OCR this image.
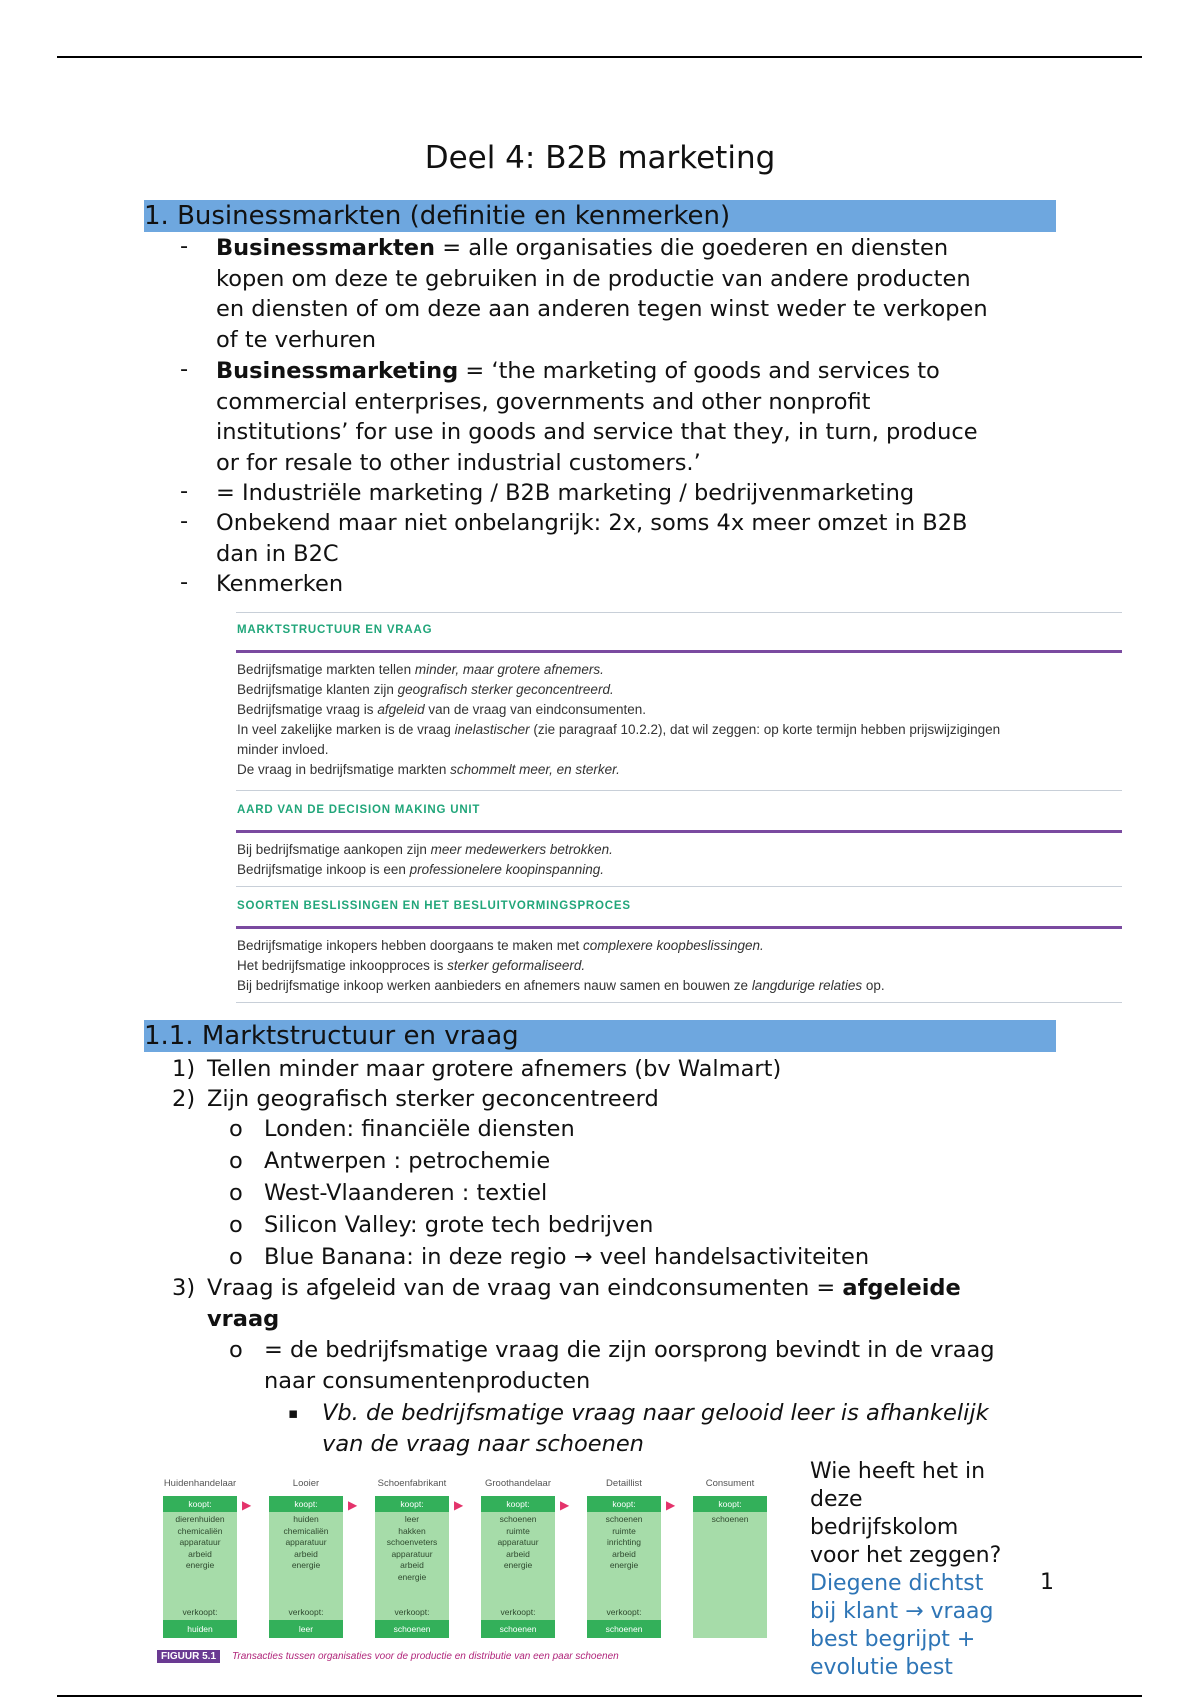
Deel 4: B2B marketing
1. Businessmarkten (definitie en kenmerken)
- Businessmarkten = alle organisaties die goederen en diensten
kopen om deze te gebruiken in de productie van andere producten
en diensten of om deze aan anderen tegen winst weder te verkopen
of te verhuren
- Businessmarketing = ‘the marketing of goods and services to
commercial enterprises, governments and other nonprofit
institutions’ for use in goods and service that they, in turn, produce
or for resale to other industrial customers.’
- = Industriële marketing / B2B marketing / bedrijvenmarketing
- Onbekend maar niet onbelangrijk: 2x, soms 4x meer omzet in B2B
dan in B2C
- Kenmerken
MARKTSTRUCTUUR EN VRAAG
Bedrijfsmatige markten tellen minder, maar grotere afnemers.
Bedrijfsmatige klanten zijn geografisch sterker geconcentreerd.
Bedrijfsmatige vraag is afgeleid van de vraag van eindconsumenten.
In veel zakelijke marken is de vraag inelastischer (zie paragraaf 10.2.2), dat wil zeggen: op korte termijn hebben prijswijzigingen
minder invloed.
De vraag in bedrijfsmatige markten schommelt meer, en sterker.
AARD VAN DE DECISION MAKING UNIT
Bij bedrijfsmatige aankopen zijn meer medewerkers betrokken.
Bedrijfsmatige inkoop is een professionelere koopinspanning.
SOORTEN BESLISSINGEN EN HET BESLUITVORMINGSPROCES
Bedrijfsmatige inkopers hebben doorgaans te maken met complexere koopbeslissingen.
Het bedrijfsmatige inkoopproces is sterker geformaliseerd.
Bij bedrijfsmatige inkoop werken aanbieders en afnemers nauw samen en bouwen ze langdurige relaties op.
1.1. Marktstructuur en vraag
1) Tellen minder maar grotere afnemers (bv Walmart)
2) Zijn geografisch sterker geconcentreerd
o Londen: financiële diensten
o Antwerpen : petrochemie
o West-Vlaanderen : textiel
o Silicon Valley: grote tech bedrijven
o Blue Banana: in deze regio → veel handelsactiviteiten
3) Vraag is afgeleid van de vraag van eindconsumenten = afgeleide
vraag
o = de bedrijfsmatige vraag die zijn oorsprong bevindt in de vraag
naar consumentenproducten
▪ Vb. de bedrijfsmatige vraag naar gelooid leer is afhankelijk
van de vraag naar schoenen
Huidenhandelaar
koopt:
dierenhuiden
chemicaliën
apparatuur
arbeid
energie
verkoopt:
huiden
▶
Looier
koopt:
huiden
chemicaliën
apparatuur
arbeid
energie
verkoopt:
leer
▶
Schoenfabrikant
koopt:
leer
hakken
schoenveters
apparatuur
arbeid
energie
verkoopt:
schoenen
▶
Groothandelaar
koopt:
schoenen
ruimte
apparatuur
arbeid
energie
verkoopt:
schoenen
▶
Detaillist
koopt:
schoenen
ruimte
inrichting
arbeid
energie
verkoopt:
schoenen
▶
Consument
koopt:
schoenen
FIGUUR 5.1 Transacties tussen organisaties voor de productie en distributie van een paar schoenen
Wie heeft het in
deze
bedrijfskolom
voor het zeggen?
Diegene dichtst
bij klant → vraag
best begrijpt +
evolutie best
1
